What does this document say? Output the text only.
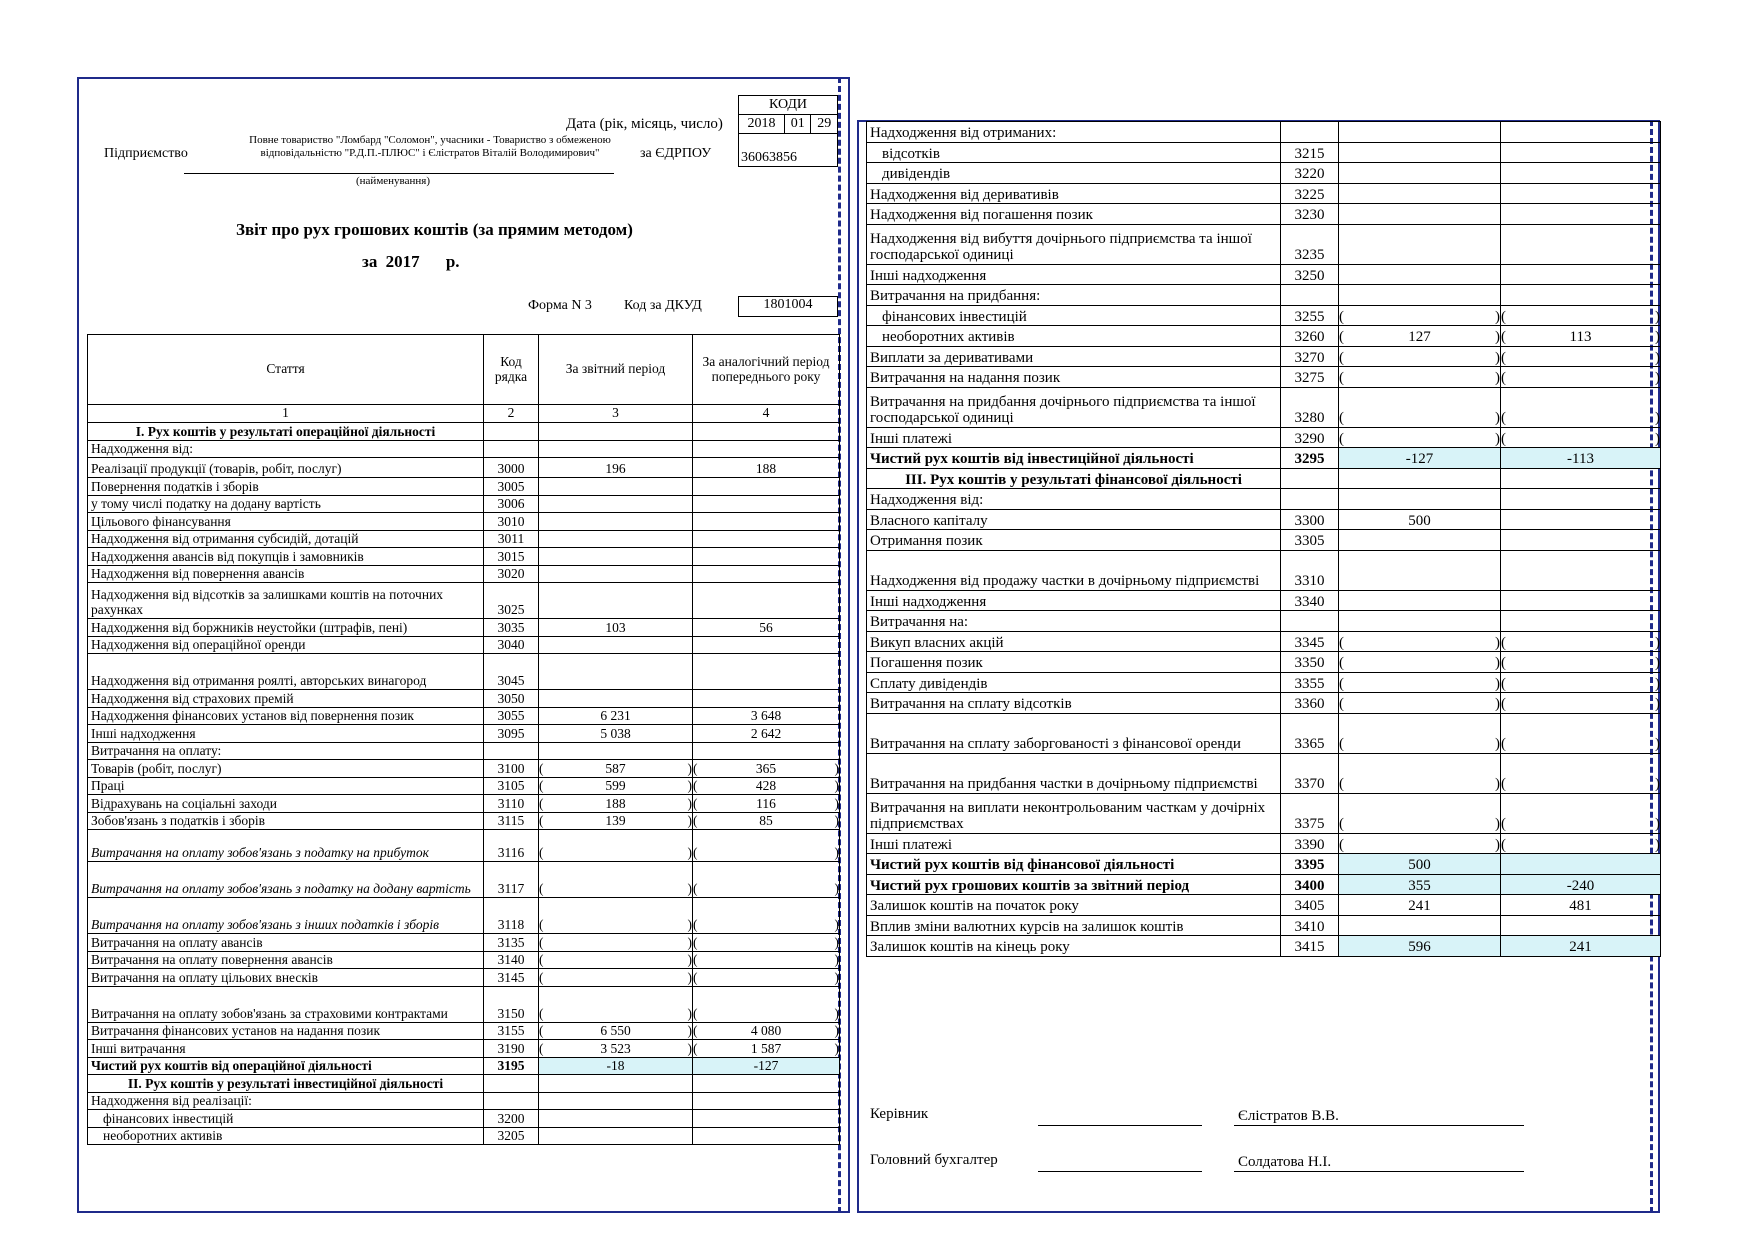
Дата (рік, місяць, число)
КОДИ
2018	01	29
36063856
Підприємство
Повне товариство "Ломбард "Соломон", учасники - Товариство з обмеженою відповідальністю "Р.Д.П.-ПЛЮС" і Єлістратов Віталій Володимирович"
(найменування)
за ЄДРПОУ
Звіт про рух грошових коштів (за прямим методом)
за 2017 р.
Форма N 3 Код за ДКУД	1801004
Стаття	Код рядка	За звітний період	За аналогічний період попереднього року
1	2	3	4
I. Рух коштів у результаті операційної діяльності			
Надходження від:		

Реалізації продукції (товарів, робіт, послуг)	3000	196	188

Повернення податків і зборів	3005	

у тому числі податку на додану вартість	3006	

Цільового фінансування	3010	

Надходження від отримання субсидій, дотацій	3011	

Надходження авансів від покупців і замовників	3015	

Надходження від повернення авансів	3020	

Надходження від відсотків за залишками коштів на поточних рахунках	3025	

Надходження від боржників неустойки (штрафів, пені)	3035	103	56

Надходження від операційної оренди	3040	

Надходження від отримання роялті, авторських винагород	3045	

Надходження від страхових премій	3050	

Надходження фінансових установ від повернення позик	3055	6 231	3 648

Інші надходження	3095	5 038	2 642

Витрачання на оплату:		

Товарів (робіт, послуг)	3100	( 587 )	( 365 )

Праці	3105	( 599 )	( 428 )

Відрахувань на соціальні заходи	3110	( 188 )	( 116 )

Зобов'язань з податків і зборів	3115	( 139 )	( 85 )

Витрачання на оплату зобов'язань з податку на прибуток	3116	( )	( )

Витрачання на оплату зобов'язань з податку на додану вартість	3117	( )	( )

Витрачання на оплату зобов'язань з інших податків і зборів	3118	( )	( )

Витрачання на оплату авансів	3135	( )	( )

Витрачання на оплату повернення авансів	3140	( )	( )

Витрачання на оплату цільових внесків	3145	( )	( )

Витрачання на оплату зобов'язань за страховими контрактами	3150	( )	( )

Витрачання фінансових установ на надання позик	3155	( 6 550 )	( 4 080 )

Інші витрачання	3190	( 3 523 )	( 1 587 )

Чистий рух коштів від операційної діяльності	3195	-18	-127

II. Рух коштів у результаті інвестиційної діяльності			
Надходження від реалізації:		

фінансових інвестицій	3200	

необоротних активів	3205	

Надходження від отриманих:		

відсотків	3215	

дивідендів	3220	

Надходження від деривативів	3225	

Надходження від погашення позик	3230	

Надходження від вибуття дочірнього підприємства та іншої господарської одиниці	3235	

Інші надходження	3250	

Витрачання на придбання:		

фінансових інвестицій	3255	( )	( )

необоротних активів	3260	( 127 )	( 113 )

Виплати за деривативами	3270	( )	( )

Витрачання на надання позик	3275	( )	( )

Витрачання на придбання дочірнього підприємства та іншої господарської одиниці	3280	( )	( )

Інші платежі	3290	( )	( )

Чистий рух коштів від інвестиційної діяльності	3295	-127	-113

III. Рух коштів у результаті фінансової діяльності			
Надходження від:		

Власного капіталу	3300	500	

Отримання позик	3305	

Надходження від продажу частки в дочірньому підприємстві	3310	

Інші надходження	3340	

Витрачання на:		

Викуп власних акцій	3345	( )	( )

Погашення позик	3350	( )	( )

Сплату дивідендів	3355	( )	( )

Витрачання на сплату відсотків	3360	( )	( )

Витрачання на сплату заборгованості з фінансової оренди	3365	( )	( )

Витрачання на придбання частки в дочірньому підприємстві	3370	( )	( )

Витрачання на виплати неконтрольованим часткам у дочірніх підприємствах	3375	( )	( )

Інші платежі	3390	( )	( )

Чистий рух коштів від фінансової діяльності	3395	500	

Чистий рух грошових коштів за звітний період	3400	355	-240

Залишок коштів на початок року	3405	241	481

Вплив зміни валютних курсів на залишок коштів	3410	

Залишок коштів на кінець року	3415	596	241
Керівник	Єлістратов В.В.
Головний бухгалтер	Солдатова Н.І.
